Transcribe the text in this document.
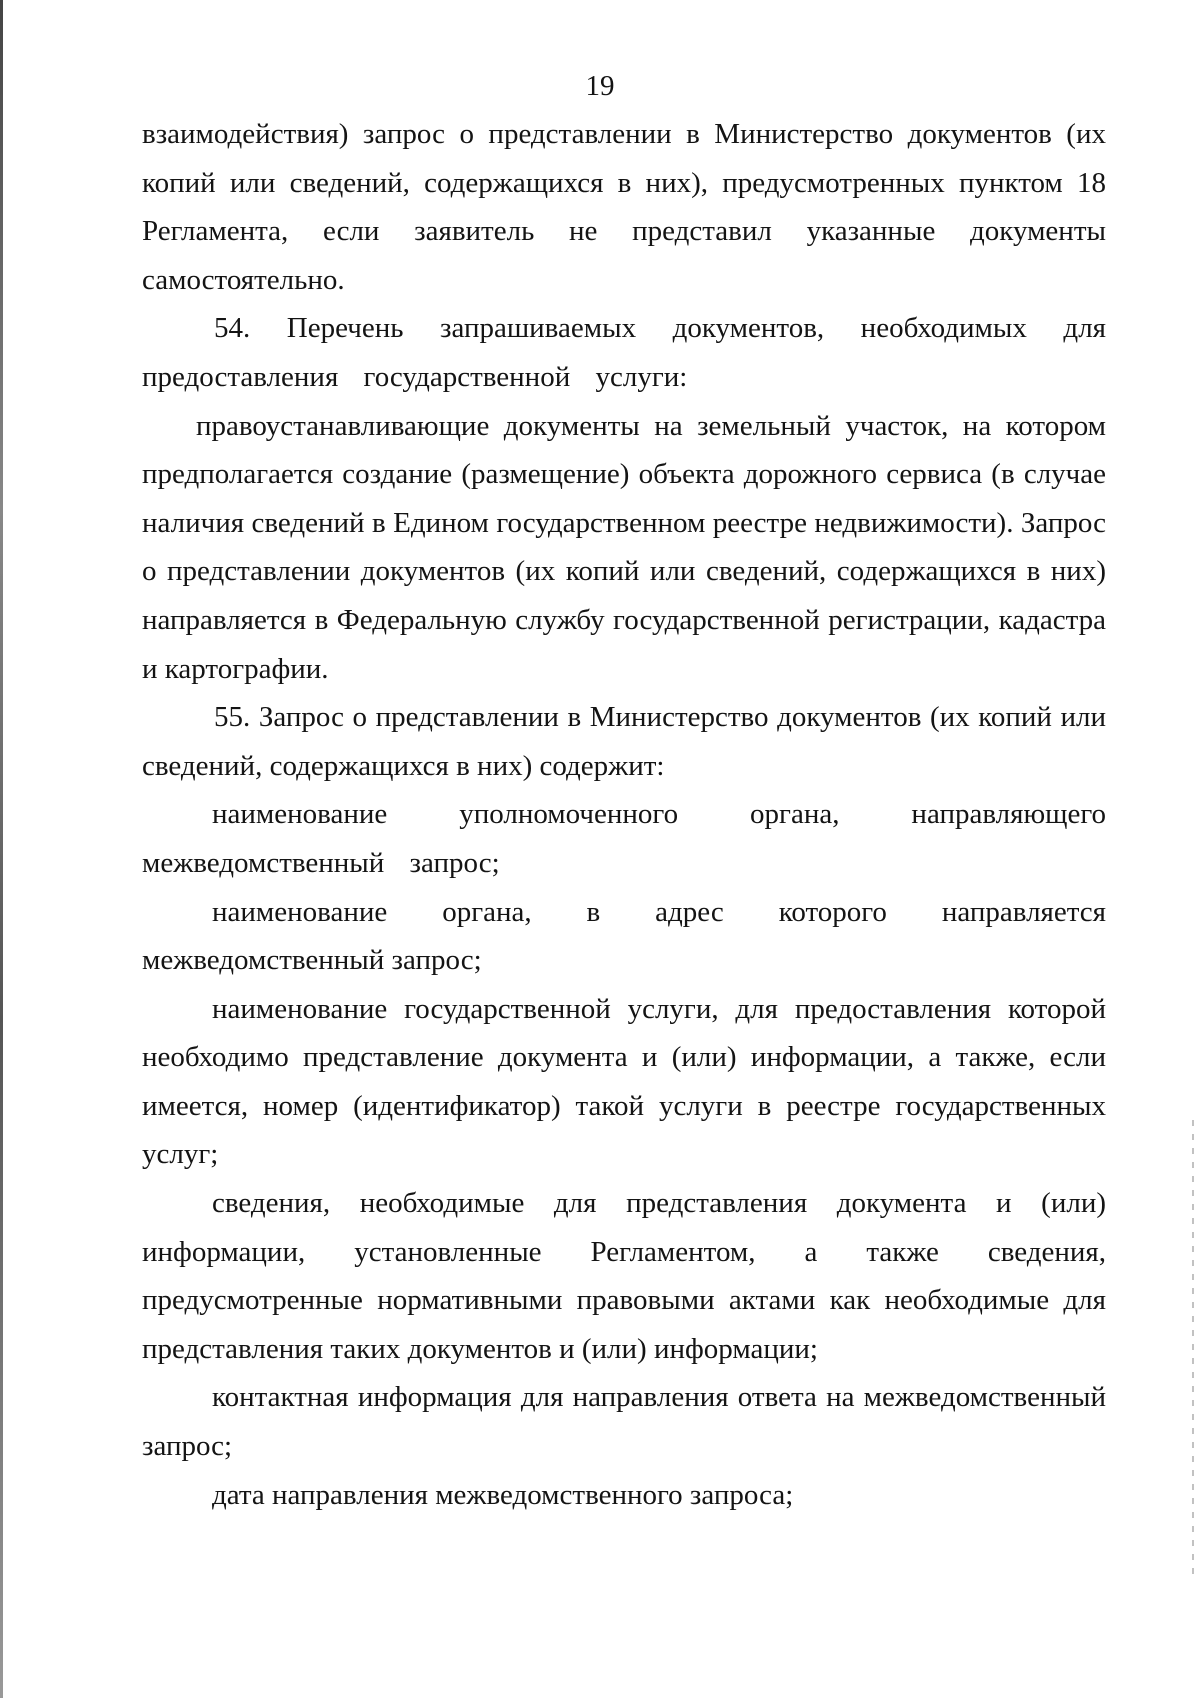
19

взаимодействия) запрос о представлении в Министерство документов (их копий или сведений, содержащихся в них), предусмотренных пунктом 18 Регламента, если заявитель не представил указанные документы самостоятельно.

54. Перечень запрашиваемых документов, необходимых для предоставления государственной услуги:

правоустанавливающие документы на земельный участок, на котором предполагается создание (размещение) объекта дорожного сервиса (в случае наличия сведений в Едином государственном реестре недвижимости). Запрос о представлении документов (их копий или сведений, содержащихся в них) направляется в Федеральную службу государственной регистрации, кадастра и картографии.

55. Запрос о представлении в Министерство документов (их копий или сведений, содержащихся в них) содержит:

наименование уполномоченного органа, направляющего межведомственный запрос;

наименование органа, в адрес которого направляется межведомственный запрос;

наименование государственной услуги, для предоставления которой необходимо представление документа и (или) информации, а также, если имеется, номер (идентификатор) такой услуги в реестре государственных услуг;

сведения, необходимые для представления документа и (или) информации, установленные Регламентом, а также сведения, предусмотренные нормативными правовыми актами как необходимые для представления таких документов и (или) информации;

контактная информация для направления ответа на межведомственный запрос;

дата направления межведомственного запроса;
